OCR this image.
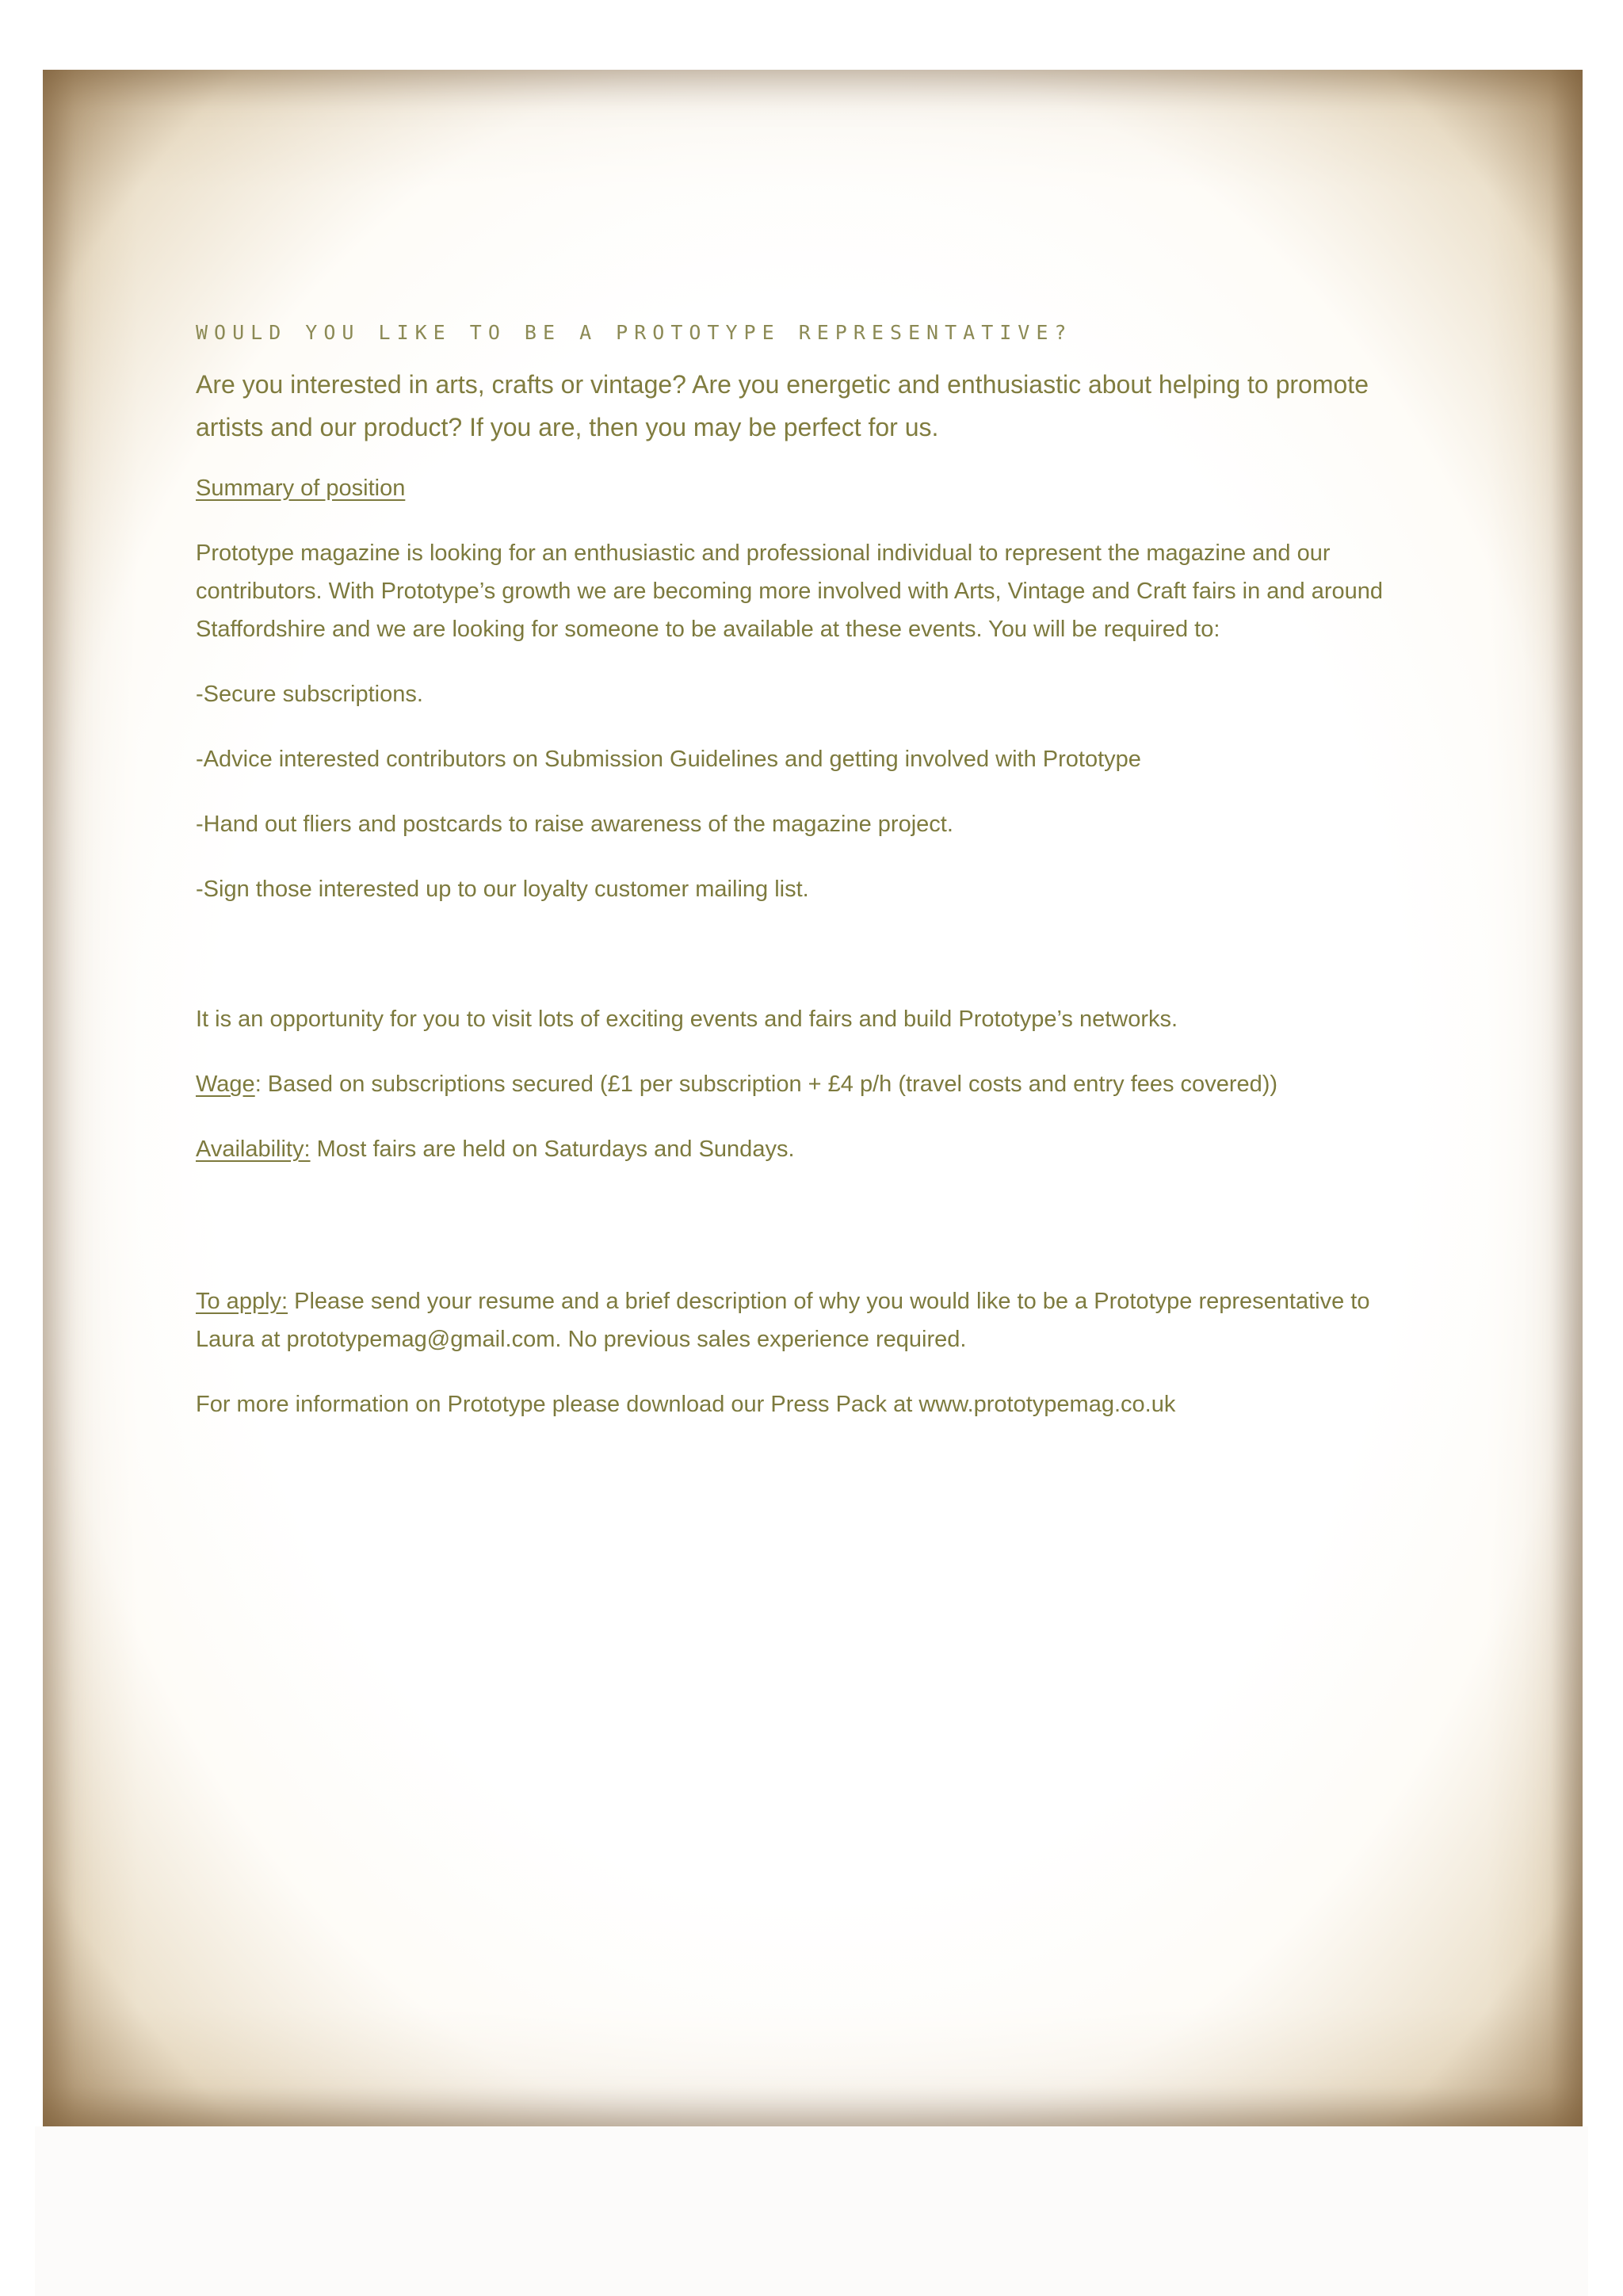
WOULD YOU LIKE TO BE A PROTOTYPE REPRESENTATIVE?

Are you interested in arts, crafts or vintage? Are you energetic and enthusiastic about helping to promote artists and our product? If you are, then you may be perfect for us.

Summary of position

Prototype magazine is looking for an enthusiastic and professional individual to represent the magazine and our contributors. With Prototype’s growth we are becoming more involved with Arts, Vintage and Craft fairs in and around Staffordshire and we are looking for someone to be available at these events. You will be required to:

-Secure subscriptions.

-Advice interested contributors on Submission Guidelines and getting involved with Prototype

-Hand out fliers and postcards to raise awareness of the magazine project.

-Sign those interested up to our loyalty customer mailing list.

It is an opportunity for you to visit lots of exciting events and fairs and build Prototype’s networks.

Wage: Based on subscriptions secured (£1 per subscription + £4 p/h (travel costs and entry fees covered))

Availability: Most fairs are held on Saturdays and Sundays.

To apply: Please send your resume and a brief description of why you would like to be a Prototype representative to Laura at prototypemag@gmail.com. No previous sales experience required.

For more information on Prototype please download our Press Pack at www.prototypemag.co.uk
